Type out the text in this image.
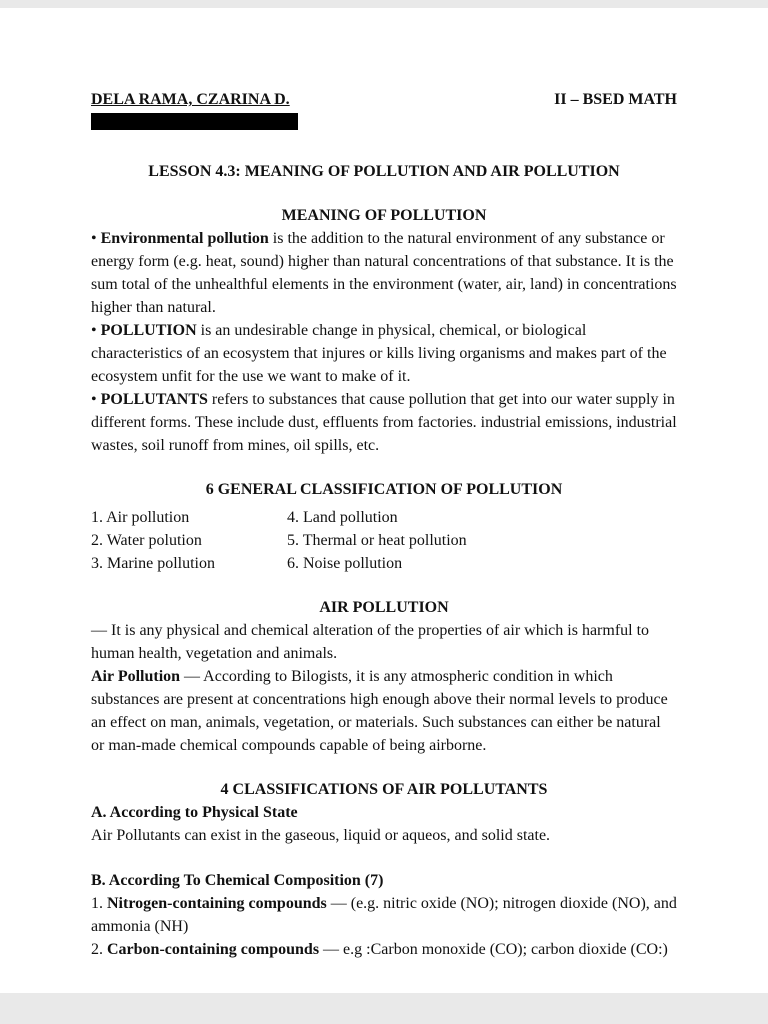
DELA RAMA, CZARINA D.	II – BSED MATH
LESSON 4.3: MEANING OF POLLUTION AND AIR POLLUTION
MEANING OF POLLUTION

• Environmental pollution is the addition to the natural environment of any substance or energy form (e.g. heat, sound) higher than natural concentrations of that substance. It is the sum total of the unhealthful elements in the environment (water, air, land) in concentrations higher than natural.

• POLLUTION is an undesirable change in physical, chemical, or biological characteristics of an ecosystem that injures or kills living organisms and makes part of the ecosystem unfit for the use we want to make of it.

• POLLUTANTS refers to substances that cause pollution that get into our water supply in different forms. These include dust, effluents from factories. industrial emissions, industrial wastes, soil runoff from mines, oil spills, etc.

6 GENERAL CLASSIFICATION OF POLLUTION
1. Air pollution
2. Water polution
3. Marine pollution
4. Land pollution
5. Thermal or heat pollution
6. Noise pollution
AIR POLLUTION

— It is any physical and chemical alteration of the properties of air which is harmful to human health, vegetation and animals.

Air Pollution — According to Bilogists, it is any atmospheric condition in which substances are present at concentrations high enough above their normal levels to produce an effect on man, animals, vegetation, or materials. Such substances can either be natural or man-made chemical compounds capable of being airborne.

4 CLASSIFICATIONS OF AIR POLLUTANTS

A. According to Physical State

Air Pollutants can exist in the gaseous, liquid or aqueos, and solid state.

B. According To Chemical Composition (7)

1. Nitrogen-containing compounds — (e.g. nitric oxide (NO); nitrogen dioxide (NO), and ammonia (NH)

2. Carbon-containing compounds — e.g :Carbon monoxide (CO); carbon dioxide (CO:)
